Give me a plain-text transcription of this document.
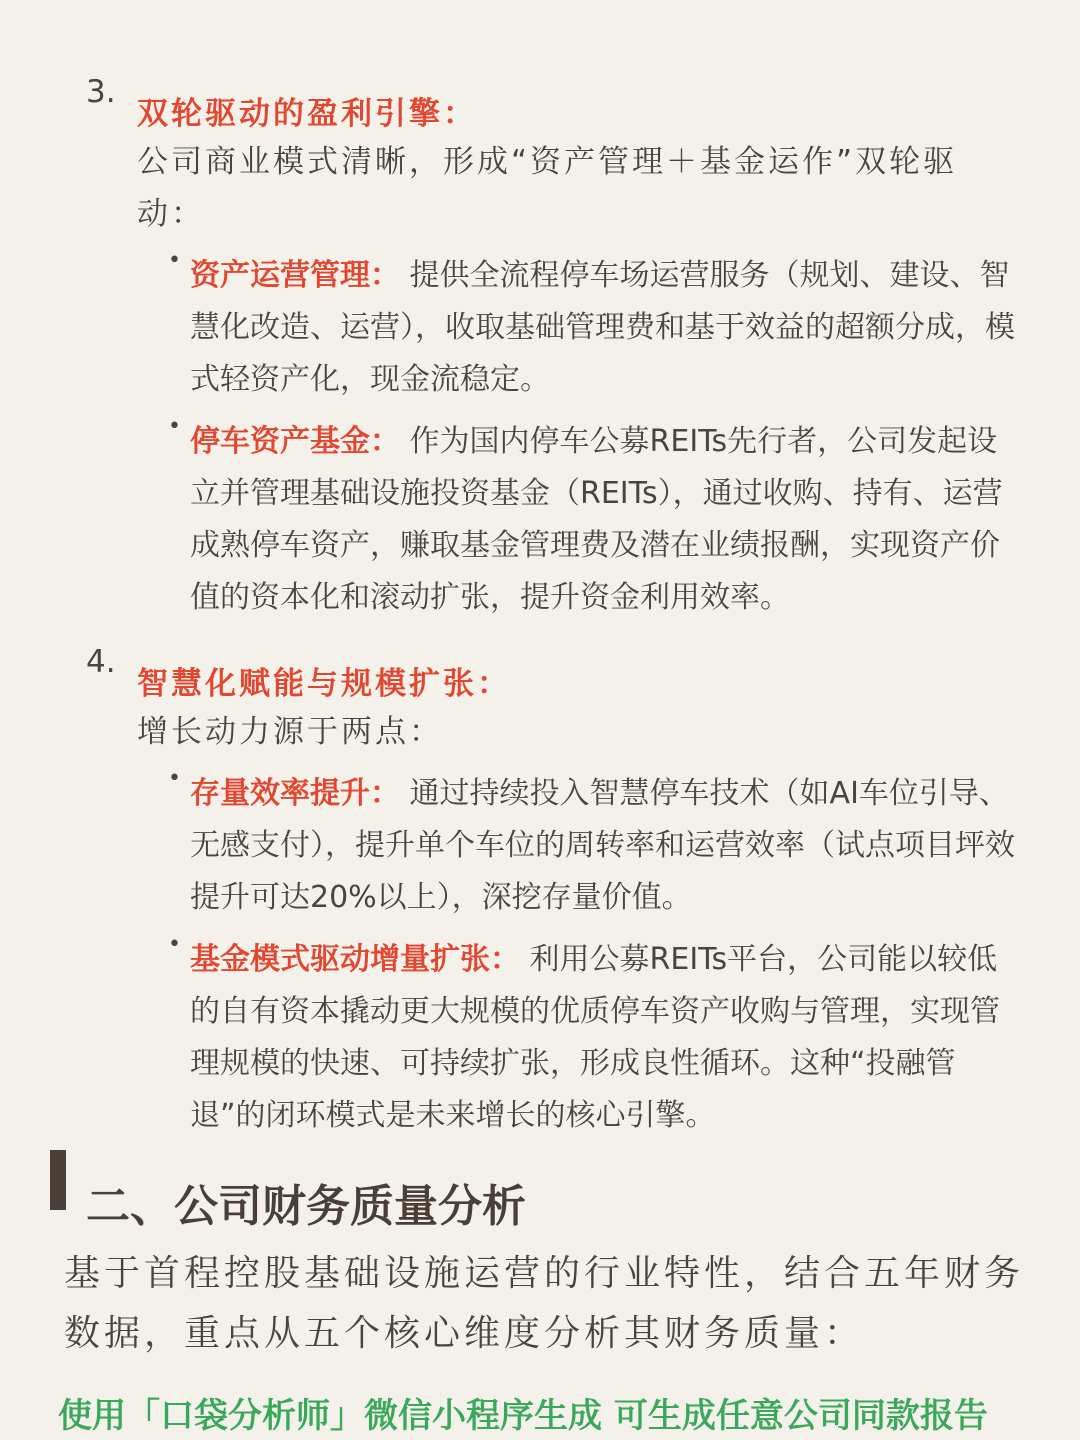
3.
双轮驱动的盈利引擎：
公司商业模式清晰，形成“资产管理＋基金运作”双轮驱动：
• 资产运营管理： 提供全流程停车场运营服务（规划、建设、智慧化改造、运营），收取基础管理费和基于效益的超额分成，模式轻资产化，现金流稳定。
• 停车资产基金： 作为国内停车公募REITs先行者，公司发起设立并管理基础设施投资基金（REITs），通过收购、持有、运营成熟停车资产，赚取基金管理费及潜在业绩报酬，实现资产价值的资本化和滚动扩张，提升资金利用效率。
4.
智慧化赋能与规模扩张：
增长动力源于两点：
• 存量效率提升： 通过持续投入智慧停车技术（如AI车位引导、无感支付），提升单个车位的周转率和运营效率（试点项目坪效提升可达20%以上），深挖存量价值。
• 基金模式驱动增量扩张： 利用公募REITs平台，公司能以较低的自有资本撬动更大规模的优质停车资产收购与管理，实现管理规模的快速、可持续扩张，形成良性循环。这种“投融管退”的闭环模式是未来增长的核心引擎。
二、公司财务质量分析
基于首程控股基础设施运营的行业特性，结合五年财务数据，重点从五个核心维度分析其财务质量：
使用「口袋分析师」微信小程序生成 可生成任意公司同款报告
